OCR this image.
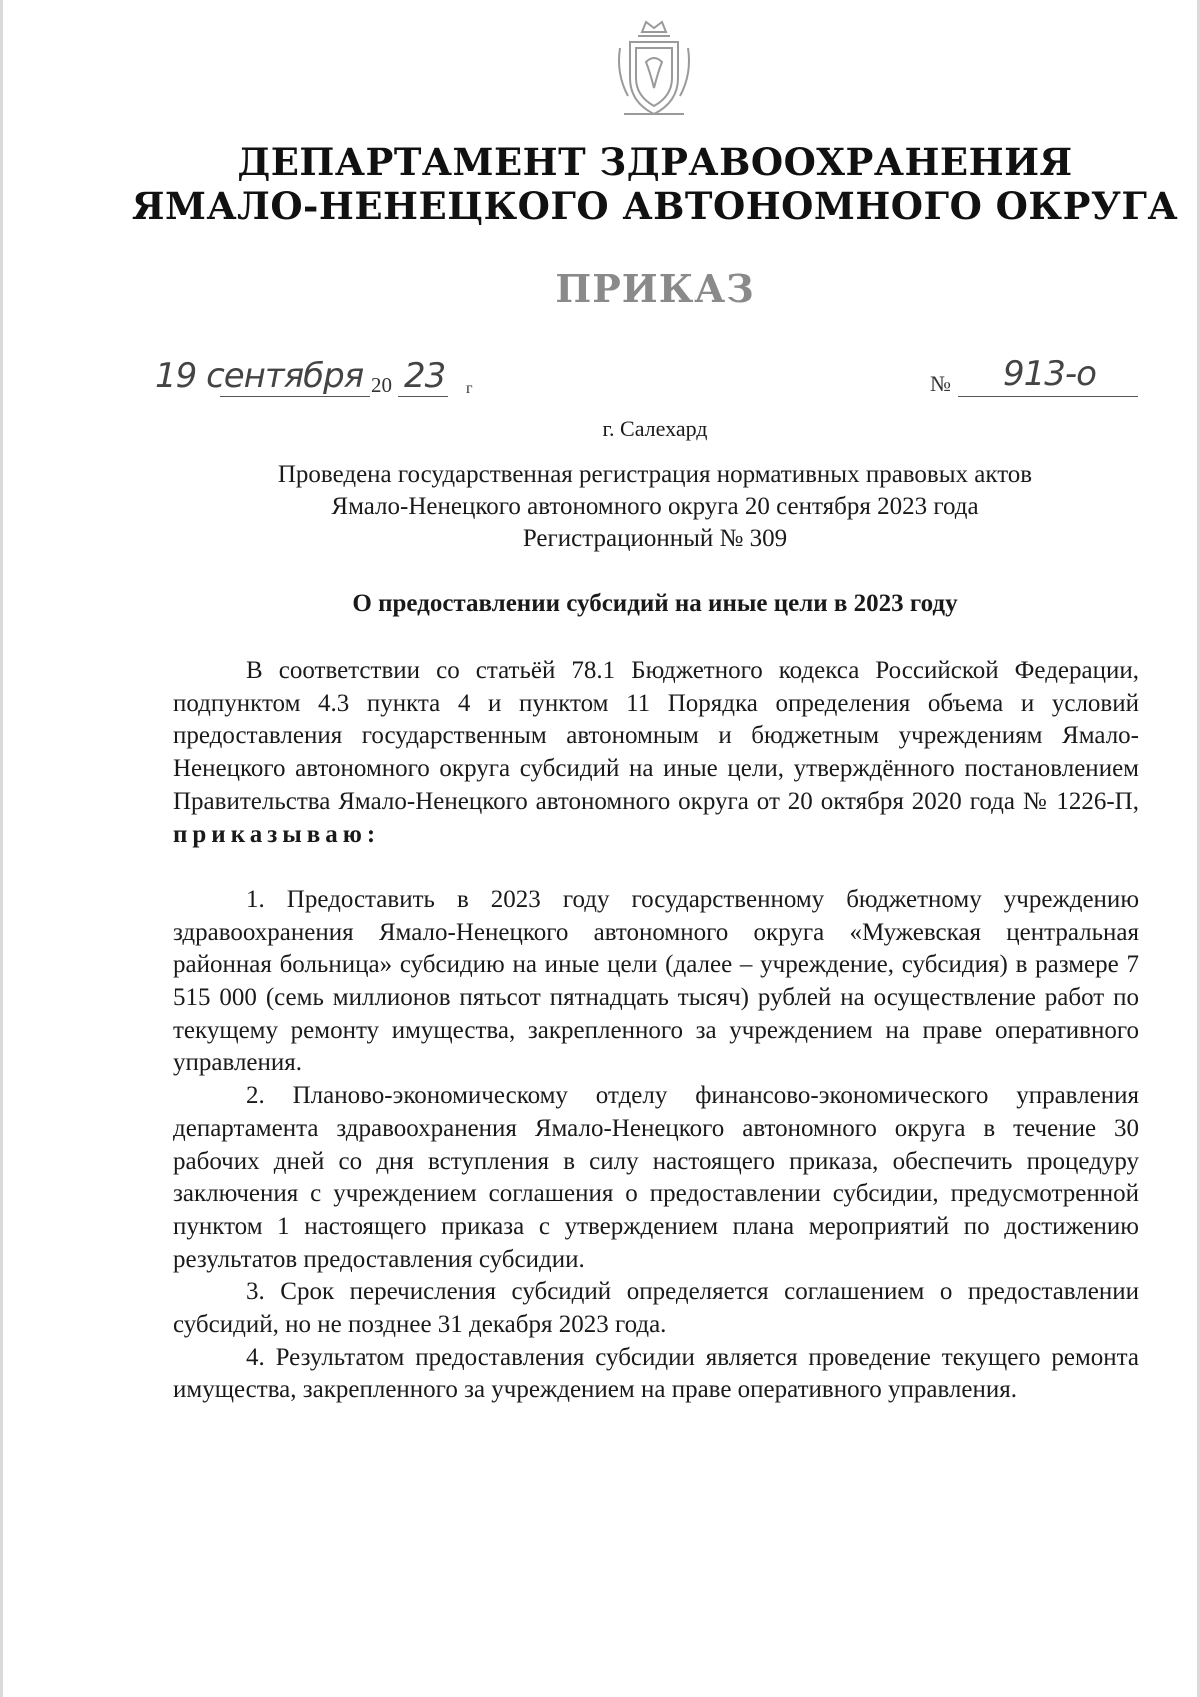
ДЕПАРТАМЕНТ ЗДРАВООХРАНЕНИЯ
ЯМАЛО-НЕНЕЦКОГО АВТОНОМНОГО ОКРУГА
ПРИКАЗ
19 сентября 20 23 г	№ 913-о
г. Салехард
Проведена государственная регистрация нормативных правовых актов
Ямало-Ненецкого автономного округа 20 сентября 2023 года
Регистрационный № 309
О предоставлении субсидий на иные цели в 2023 году

В соответствии со статьёй 78.1 Бюджетного кодекса Российской Федерации, подпунктом 4.3 пункта 4 и пунктом 11 Порядка определения объема и условий предоставления государственным автономным и бюджетным учреждениям Ямало-Ненецкого автономного округа субсидий на иные цели, утверждённого постановлением Правительства Ямало-Ненецкого автономного округа от 20 октября 2020 года № 1226-П, приказываю:

1. Предоставить в 2023 году государственному бюджетному учреждению здравоохранения Ямало-Ненецкого автономного округа «Мужевская центральная районная больница» субсидию на иные цели (далее – учреждение, субсидия) в размере 7 515 000 (семь миллионов пятьсот пятнадцать тысяч) рублей на осуществление работ по текущему ремонту имущества, закрепленного за учреждением на праве оперативного управления.

2. Планово-экономическому отделу финансово-экономического управления департамента здравоохранения Ямало-Ненецкого автономного округа в течение 30 рабочих дней со дня вступления в силу настоящего приказа, обеспечить процедуру заключения с учреждением соглашения о предоставлении субсидии, предусмотренной пунктом 1 настоящего приказа с утверждением плана мероприятий по достижению результатов предоставления субсидии.

3. Срок перечисления субсидий определяется соглашением о предоставлении субсидий, но не позднее 31 декабря 2023 года.

4. Результатом предоставления субсидии является проведение текущего ремонта имущества, закрепленного за учреждением на праве оперативного управления.
